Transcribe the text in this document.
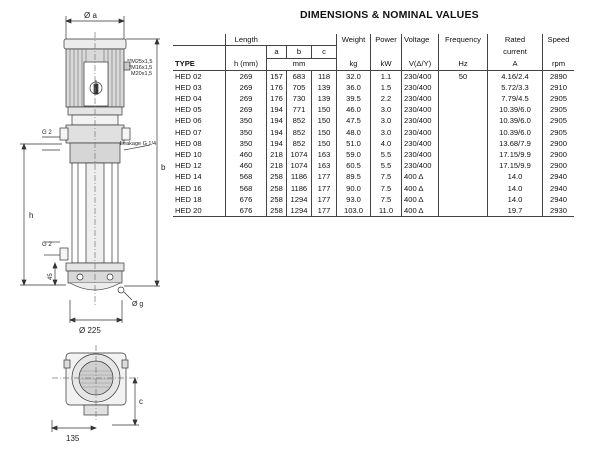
Ø a
**M25x1,5
*M16x1,5
M20x1,5
G 2
Leakage G 1/4
b
h
G 2
45
Ø g
Ø 225
c
135
DIMENSIONS & NOMINAL VALUES
	Length				Weight	Power	Voltage	Frequency	Rated	Speed
		a	b	c					current	
TYPE	h (mm)		mm		kg	kW	V(Δ/Y)	Hz	A	rpm
HED 02	269	157	683	118	32.0	1.1	230/400	50	4.16/2.4	2890
HED 03	269	176	705	139	36.0	1.5	230/400		5.72/3.3	2910
HED 04	269	176	730	139	39.5	2.2	230/400		7.79/4.5	2905
HED 05	269	194	771	150	46.0	3.0	230/400		10.39/6.0	2905
HED 06	350	194	852	150	47.5	3.0	230/400		10.39/6.0	2905
HED 07	350	194	852	150	48.0	3.0	230/400		10.39/6.0	2905
HED 08	350	194	852	150	51.0	4.0	230/400		13.68/7.9	2900
HED 10	460	218	1074	163	59.0	5.5	230/400		17.15/9.9	2900
HED 12	460	218	1074	163	60.5	5.5	230/400		17.15/9.9	2900
HED 14	568	258	1186	177	89.5	7.5	400 Δ		14.0	2940
HED 16	568	258	1186	177	90.0	7.5	400 Δ		14.0	2940
HED 18	676	258	1294	177	93.0	7.5	400 Δ		14.0	2940
HED 20	676	258	1294	177	103.0	11.0	400 Δ		19.7	2930
